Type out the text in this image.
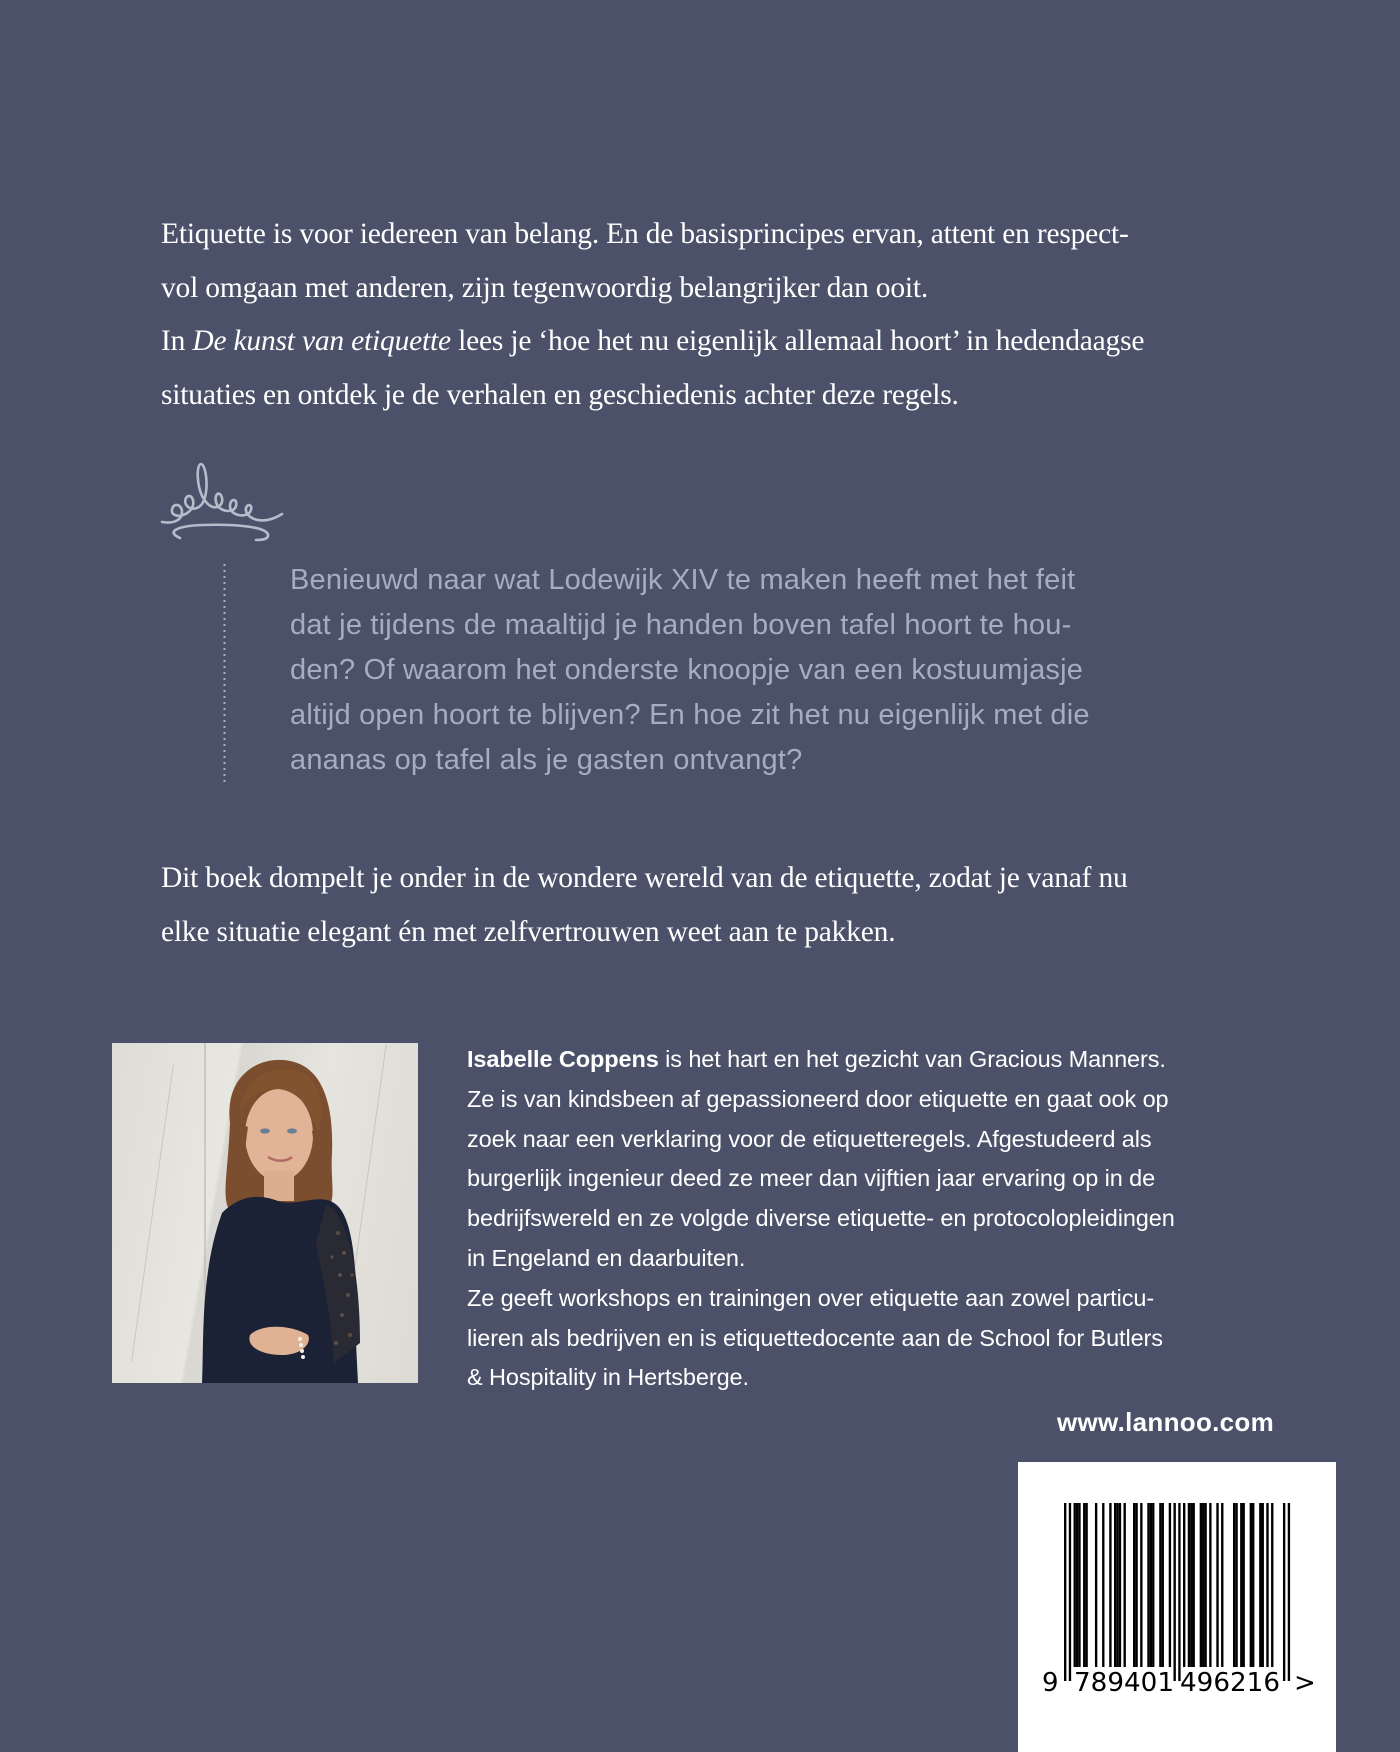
Etiquette is voor iedereen van belang. En de basisprincipes ervan, attent en respect-

vol omgaan met anderen, zijn tegenwoordig belangrijker dan ooit.

In De kunst van etiquette lees je ‘hoe het nu eigenlijk allemaal hoort’ in hedendaagse

situaties en ontdek je de verhalen en geschiedenis achter deze regels.

Benieuwd naar wat Lodewijk XIV te maken heeft met het feit

dat je tijdens de maaltijd je handen boven tafel hoort te hou-

den? Of waarom het onderste knoopje van een kostuumjasje

altijd open hoort te blijven? En hoe zit het nu eigenlijk met die

ananas op tafel als je gasten ontvangt?

Dit boek dompelt je onder in de wondere wereld van de etiquette, zodat je vanaf nu

elke situatie elegant én met zelfvertrouwen weet aan te pakken.

Isabelle Coppens is het hart en het gezicht van Gracious Manners.

Ze is van kindsbeen af gepassioneerd door etiquette en gaat ook op

zoek naar een verklaring voor de etiquetteregels. Afgestudeerd als

burgerlijk ingenieur deed ze meer dan vijftien jaar ervaring op in de

bedrijfswereld en ze volgde diverse etiquette- en protocolopleidingen

in Engeland en daarbuiten.

Ze geeft workshops en trainingen over etiquette aan zowel particu-

lieren als bedrijven en is etiquettedocente aan de School for Butlers

& Hospitality in Hertsberge.

www.lannoo.com
9 789401 496216 >
